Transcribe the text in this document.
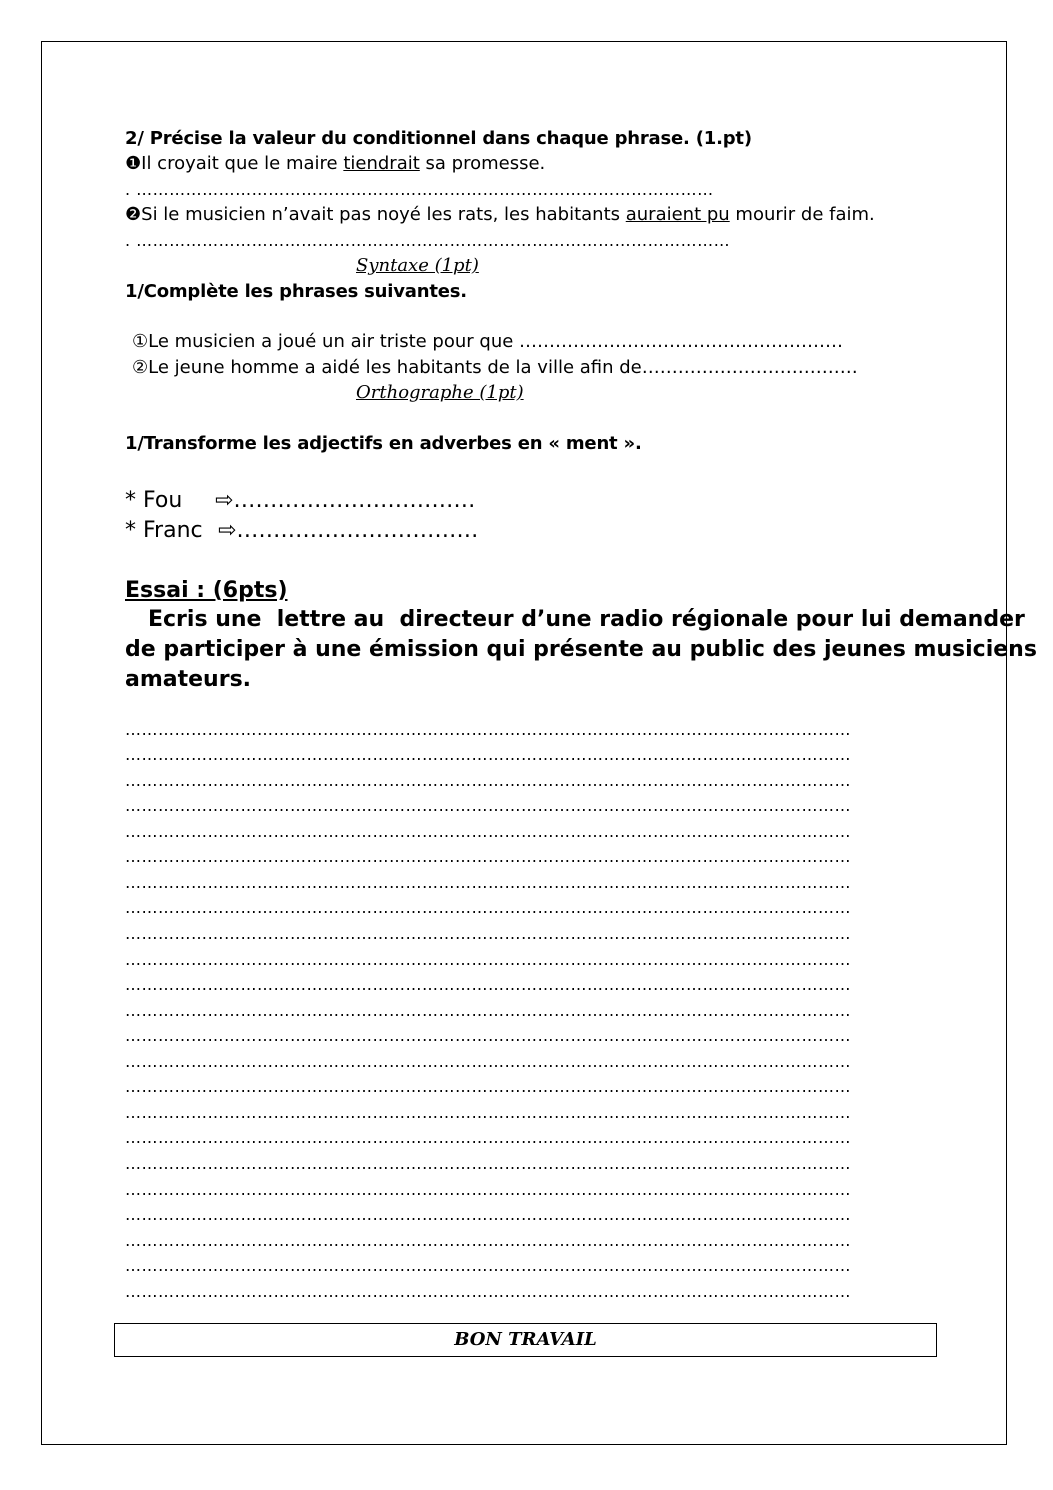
2/ Précise la valeur du conditionnel dans chaque phrase. (1.pt)
❶Il croyait que le maire tiendrait sa promesse.
. ……………………………………………………………………………………………
❷Si le musicien n’avait pas noyé les rats, les habitants auraient pu mourir de faim.
. ………………………………………………………………………………………………
Syntaxe (1pt)
1/Complète les phrases suivantes.
①Le musicien a joué un air triste pour que ………………………………………………
②Le jeune homme a aidé les habitants de la ville afin de………………………………
Orthographe (1pt)
1/Transforme les adjectifs en adverbes en « ment ».
* Fou ⇨……………………………
* Franc ⇨……………………………
Essai : (6pts)
Ecris une  lettre au  directeur d’une radio régionale pour lui demander
de participer à une émission qui présente au public des jeunes musiciens
amateurs.
……………………………………………………………………………………………………………………
……………………………………………………………………………………………………………………
……………………………………………………………………………………………………………………
……………………………………………………………………………………………………………………
……………………………………………………………………………………………………………………
……………………………………………………………………………………………………………………
……………………………………………………………………………………………………………………
……………………………………………………………………………………………………………………
……………………………………………………………………………………………………………………
……………………………………………………………………………………………………………………
……………………………………………………………………………………………………………………
……………………………………………………………………………………………………………………
……………………………………………………………………………………………………………………
……………………………………………………………………………………………………………………
……………………………………………………………………………………………………………………
……………………………………………………………………………………………………………………
……………………………………………………………………………………………………………………
……………………………………………………………………………………………………………………
……………………………………………………………………………………………………………………
……………………………………………………………………………………………………………………
……………………………………………………………………………………………………………………
……………………………………………………………………………………………………………………
……………………………………………………………………………………………………………………
BON TRAVAIL
